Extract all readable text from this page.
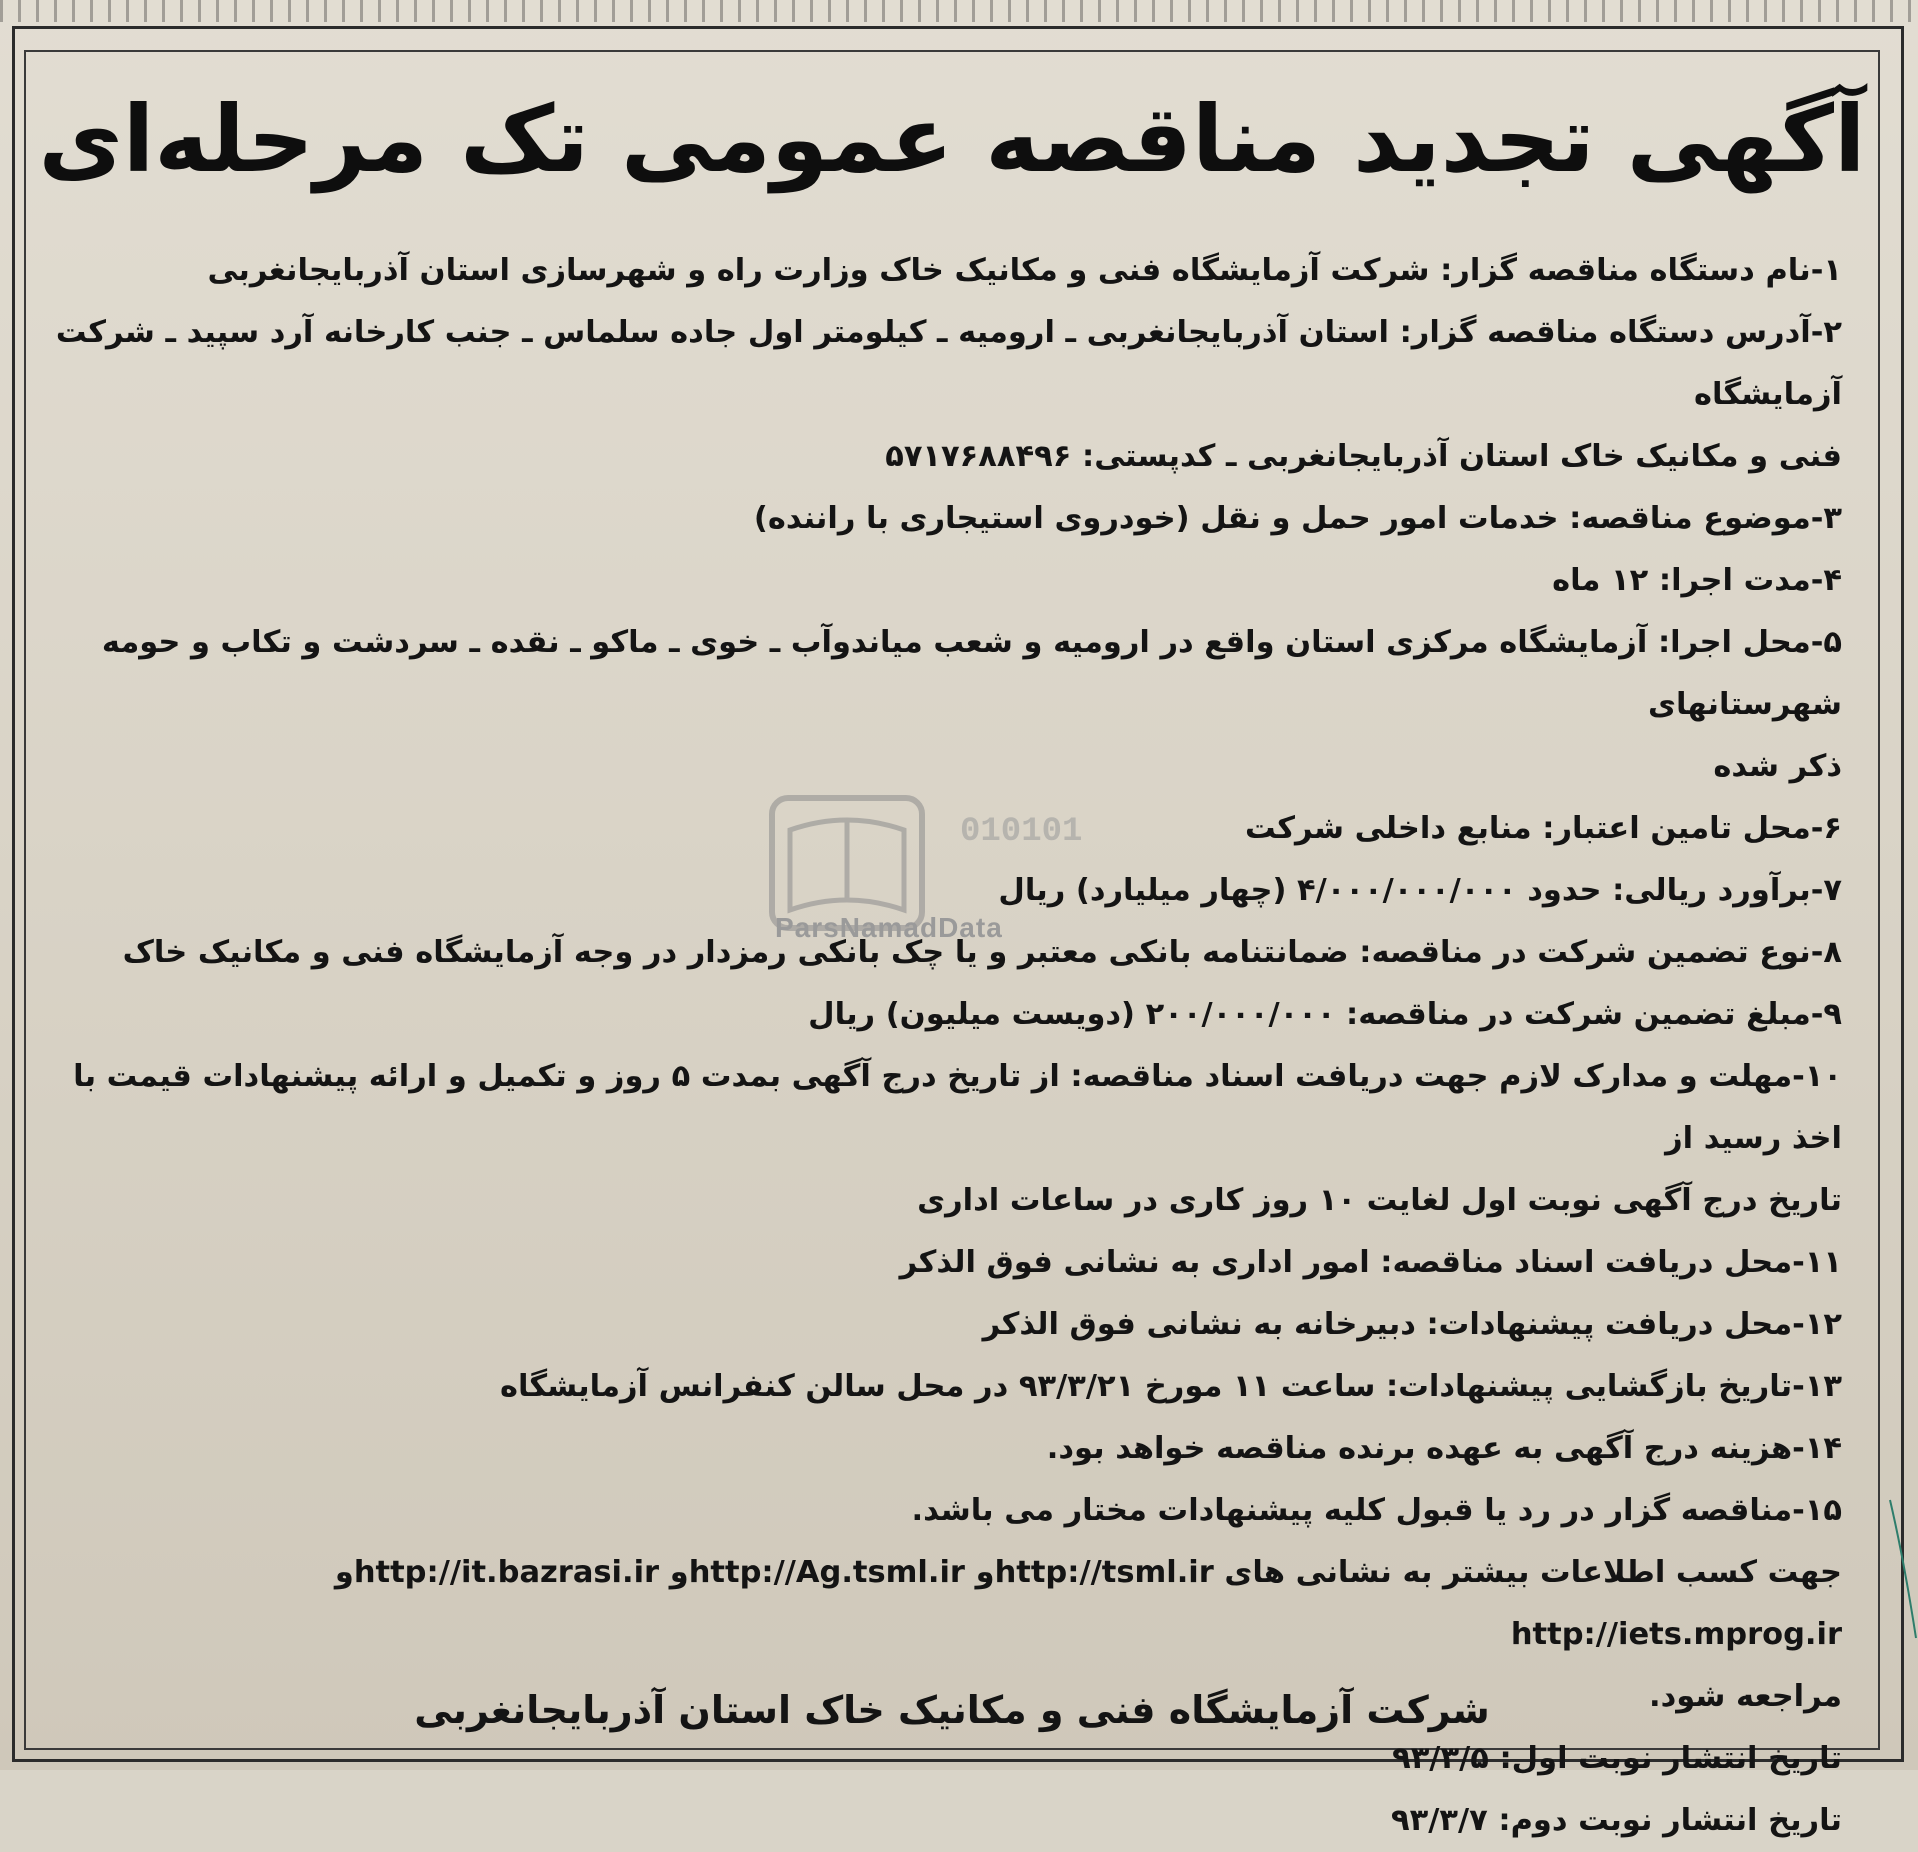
آگهی تجدید مناقصه عمومی تک مرحله‌ای

۱-نام دستگاه مناقصه گزار: شرکت آزمایشگاه فنی و مکانیک خاک وزارت راه و شهرسازی استان آذربایجانغربی

۲-آدرس دستگاه مناقصه گزار: استان آذربایجانغربی ـ ارومیه ـ کیلومتر اول جاده سلماس ـ جنب کارخانه آرد سپید ـ شرکت آزمایشگاه

فنی و مکانیک خاک استان آذربایجانغربی ـ کدپستی: ۵۷۱۷۶۸۸۴۹۶

۳-موضوع مناقصه: خدمات امور حمل و نقل (خودروی استیجاری با راننده)

۴-مدت اجرا: ۱۲ ماه

۵-محل اجرا: آزمایشگاه مرکزی استان واقع در ارومیه و شعب میاندوآب ـ خوی ـ ماکو ـ نقده ـ سردشت و تکاب و حومه شهرستانهای

ذکر شده

۶-محل تامین اعتبار: منابع داخلی شرکت

۷-برآورد ریالی: حدود ۴/۰۰۰/۰۰۰/۰۰۰ (چهار میلیارد) ریال

۸-نوع تضمین شرکت در مناقصه: ضمانتنامه بانکی معتبر و یا چک بانکی رمزدار در وجه آزمایشگاه فنی و مکانیک خاک

۹-مبلغ تضمین شرکت در مناقصه: ۲۰۰/۰۰۰/۰۰۰ (دویست میلیون) ریال

۱۰-مهلت و مدارک لازم جهت دریافت اسناد مناقصه: از تاریخ درج آگهی بمدت ۵ روز و تکمیل و ارائه پیشنهادات قیمت با اخذ رسید از

تاریخ درج آگهی نوبت اول لغایت ۱۰ روز کاری در ساعات اداری

۱۱-محل دریافت اسناد مناقصه: امور اداری به نشانی فوق الذکر

۱۲-محل دریافت پیشنهادات: دبیرخانه به نشانی فوق الذکر

۱۳-تاریخ بازگشایی پیشنهادات: ساعت ۱۱ مورخ ۹۳/۳/۲۱ در محل سالن کنفرانس آزمایشگاه

۱۴-هزینه درج آگهی به عهده برنده مناقصه خواهد بود.

۱۵-مناقصه گزار در رد یا قبول کلیه پیشنهادات مختار می باشد.

جهت کسب اطلاعات بیشتر به نشانی های http://tsml.irو http://Ag.tsml.irو http://it.bazrasi.irو http://iets.mprog.ir

مراجعه شود.

تاریخ انتشار نوبت اول: ۹۳/۳/۵

تاریخ انتشار نوبت دوم: ۹۳/۳/۷

شرکت آزمایشگاه فنی و مکانیک خاک استان آذربایجانغربی
010101
ParsNamadData
